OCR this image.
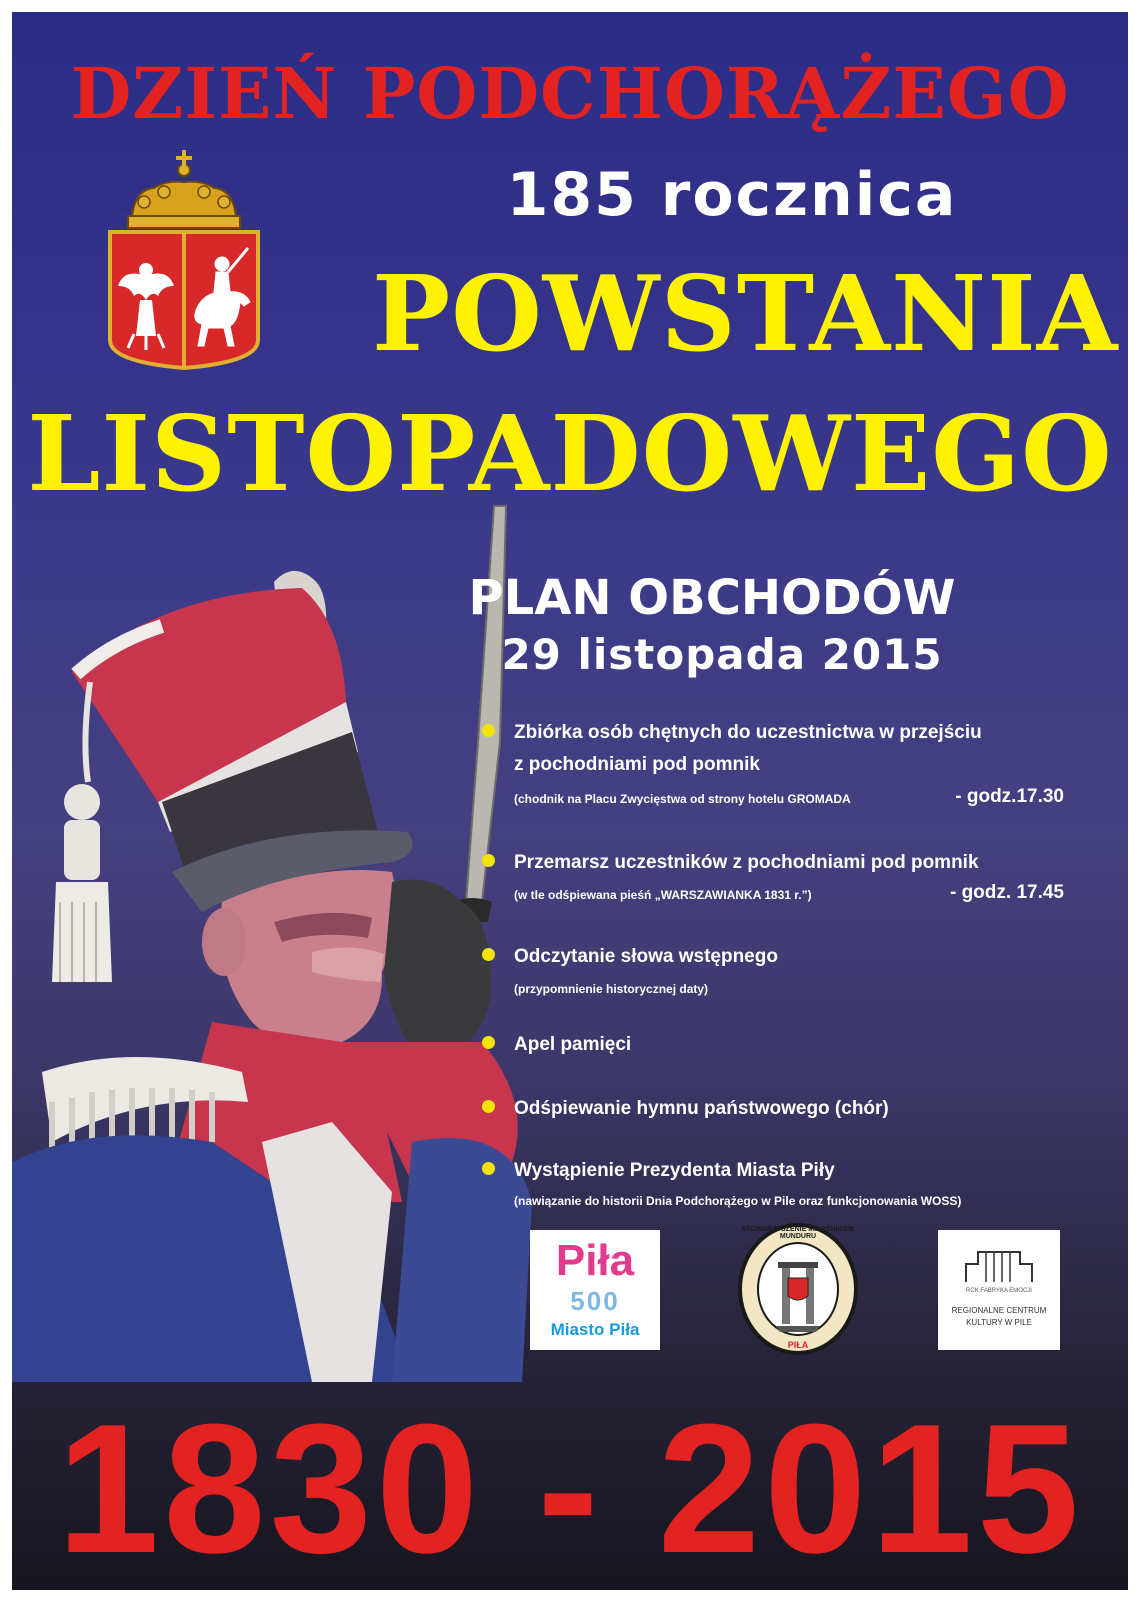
DZIEŃ PODCHORĄŻEGO
185 rocznica
POWSTANIA
LISTOPADOWEGO
PLAN OBCHODÓW
29 listopada 2015
Zbiórka osób chętnych do uczestnictwa w przejściu
z pochodniami pod pomnik
(chodnik na Placu Zwycięstwa od strony hotelu GROMADA	- godz.17.30
Przemarsz uczestników z pochodniami pod pomnik
(w tle odśpiewana pieśń „WARSZAWIANKA 1831 r.”)	- godz. 17.45
Odczytanie słowa wstępnego
(przypomnienie historycznej daty)
Apel pamięci
Odśpiewanie hymnu państwowego (chór)
Wystąpienie Prezydenta Miasta Piły
(nawiązanie do historii Dnia Podchorążego w Pile oraz funkcjonowania WOSS)
Piła
500
Miasto Piła
STOWARZYSZENIE MIŁOŚNIKÓW MUNDURU
PIŁA
RCK FABRYKA EMOCJI
REGIONALNE CENTRUM
KULTURY W PILE
1830 - 2015
